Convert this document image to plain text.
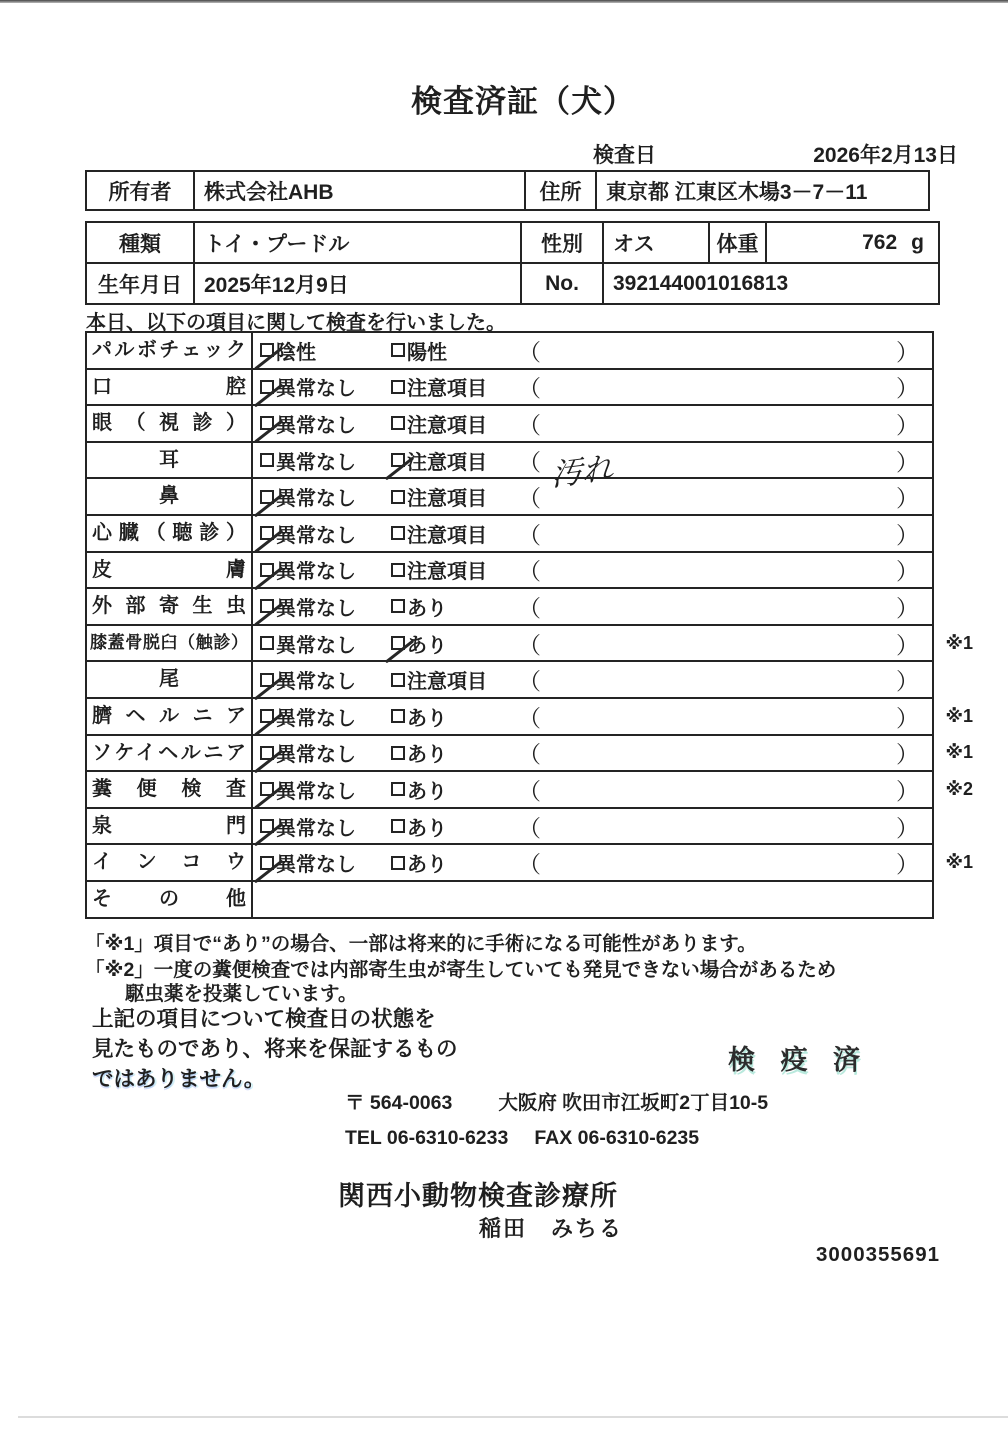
検査済証（犬）
検査日	2026年2月13日
所有者	株式会社AHB	住所	東京都 江東区木場3－7－11
種類	トイ・プードル	性別	オス	体重	762 g
生年月日	2025年12月9日	No.	392144001016813
本日、以下の項目に関して検査を行いました。
パルボチェック	陰性	陽性	（	）
口腔	異常なし	注意項目 （	）
眼（視診）	異常なし	注意項目 （	）
耳	異常なし	注意項目 （ 汚れ	）
鼻	異常なし	注意項目 （	）
心臓（聴診）	異常なし	注意項目 （	）
皮膚	異常なし	注意項目 （	）
外部寄生虫	異常なし	あり	（	）
膝蓋骨脱臼（触診） 異常なし	あり	（	） ※1
尾	異常なし	注意項目 （	）
臍ヘルニア	異常なし	あり	（	） ※1
ソケイヘルニア	異常なし	あり	（	） ※1
糞便検査	異常なし	あり	（	） ※2
泉門	異常なし	あり	（	）
インコウ	異常なし	あり	（	） ※1
その他
「※1」項目で“あり”の場合、一部は将来的に手術になる可能性があります。
「※2」一度の糞便検査では内部寄生虫が寄生していても発見できない場合があるため
駆虫薬を投薬しています。
上記の項目について検査日の状態を
見たものであり、将来を保証するもの
ではありません。
検 疫 済
〒 564-0063 大阪府 吹田市江坂町2丁目10-5
TEL 06-6310-6233 FAX 06-6310-6235
関西小動物検査診療所
稲田　みちる
3000355691
